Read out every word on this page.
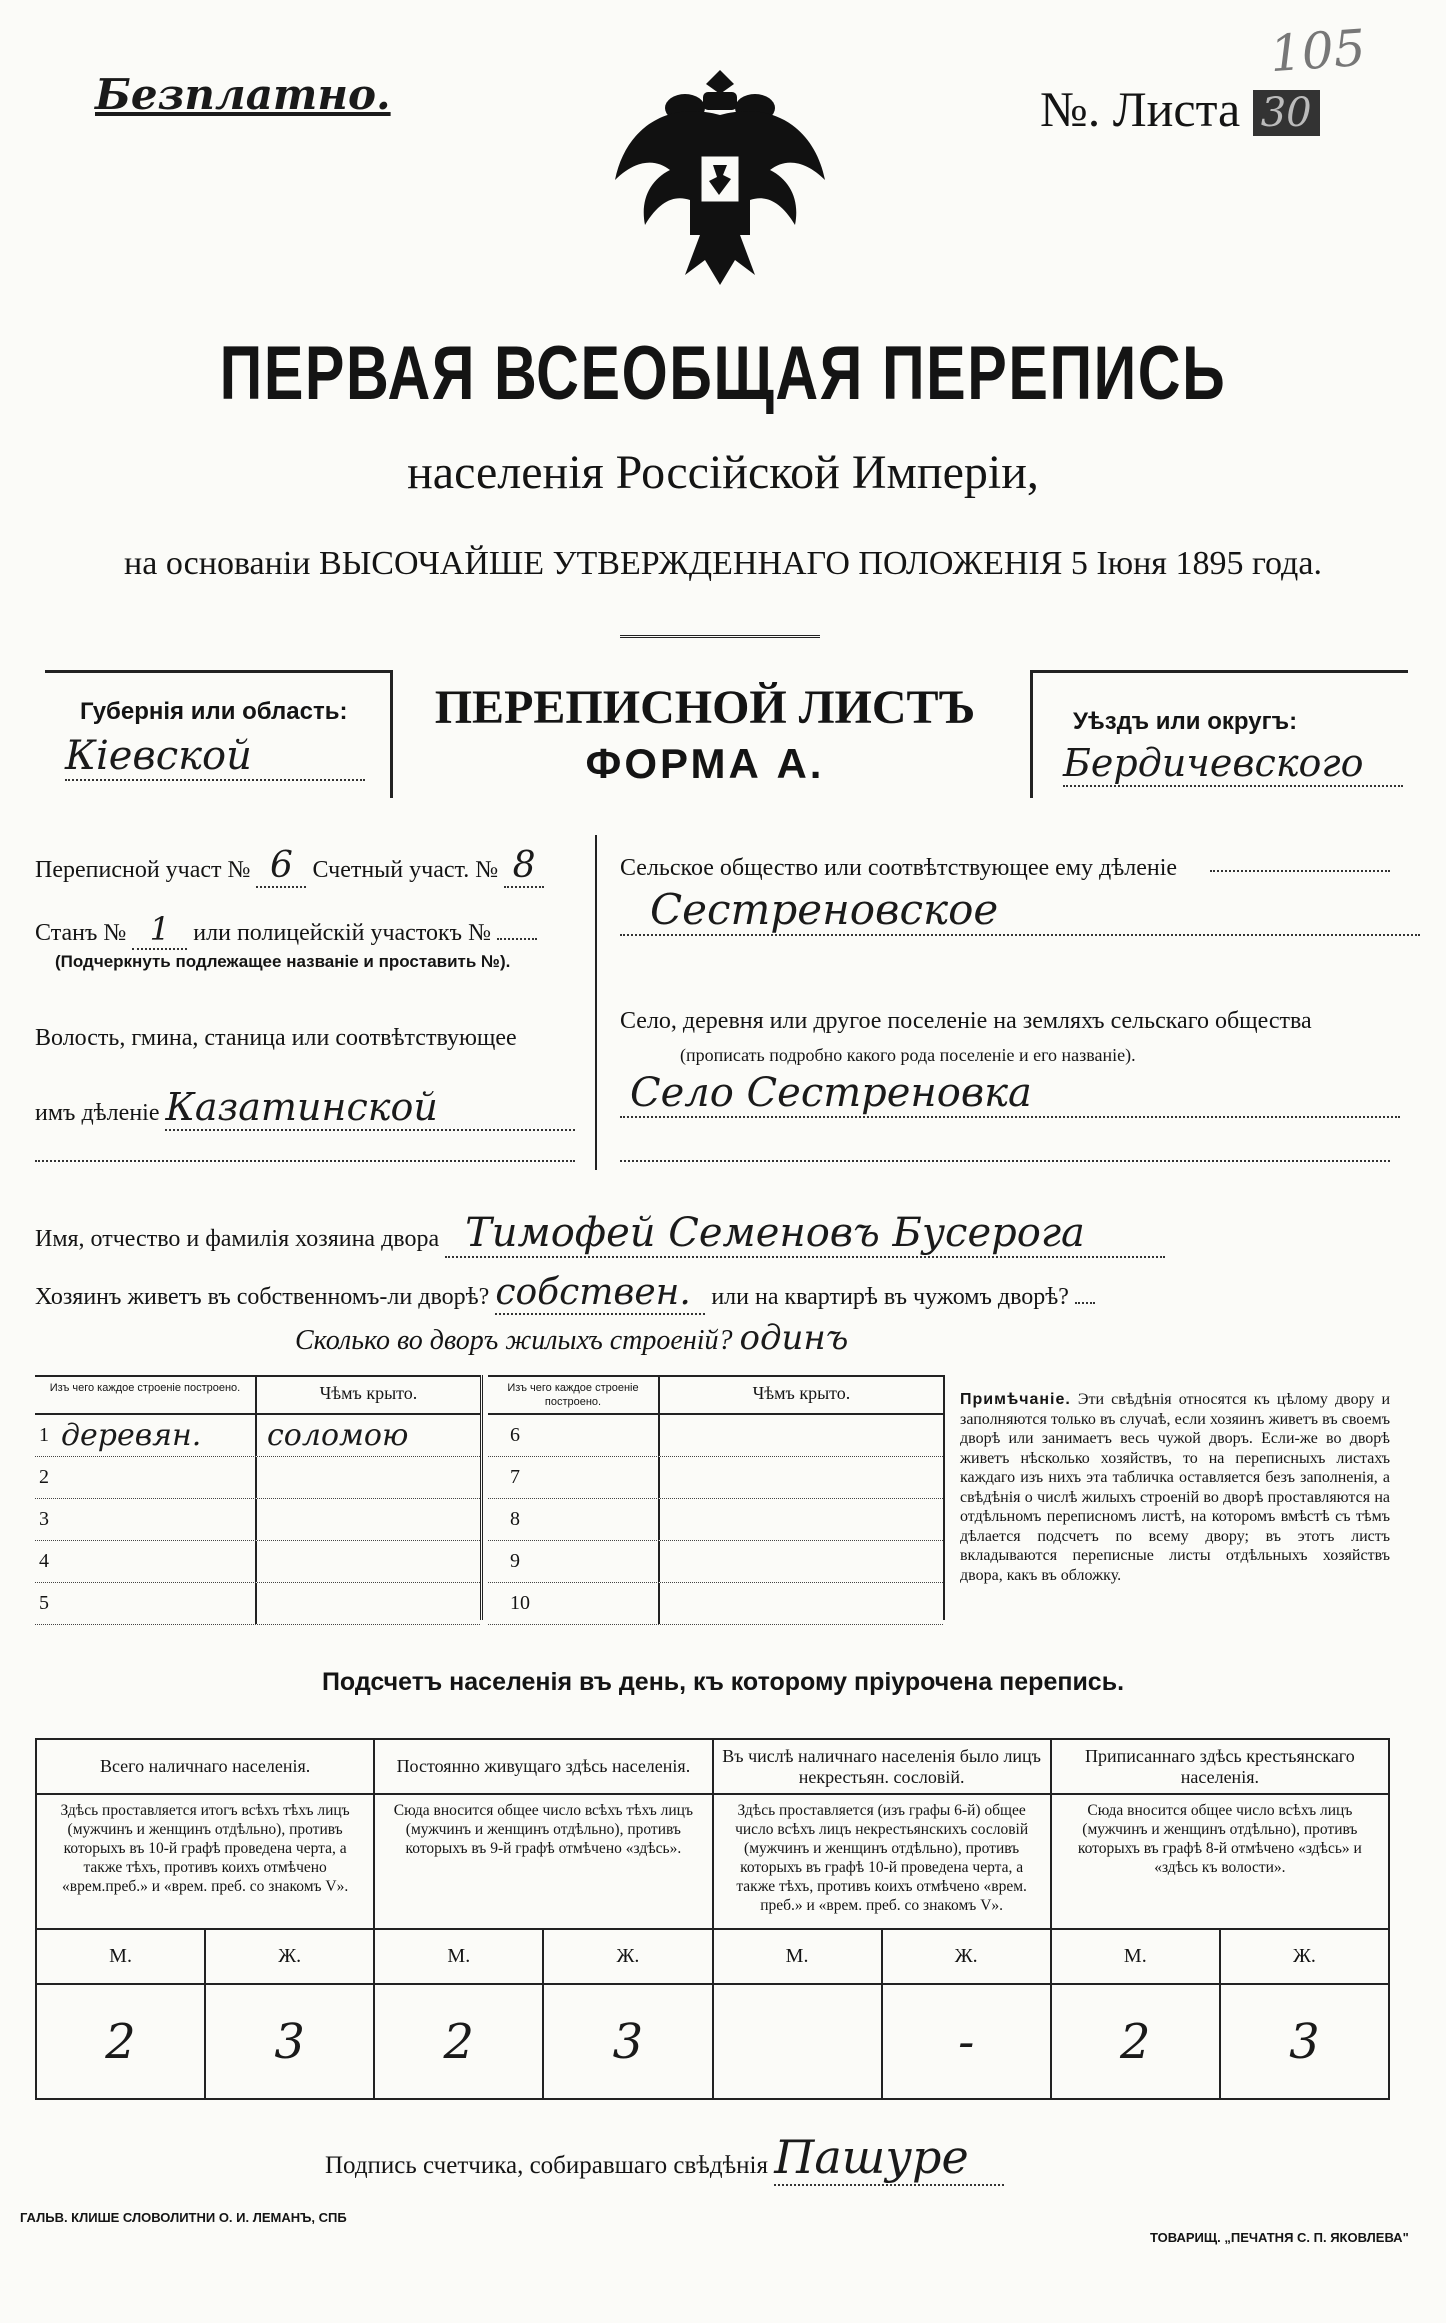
Безплатно.
105
№. Листа 30
ПЕРВАЯ ВСЕОБЩАЯ ПЕРЕПИСЬ
населенія Россійской Имперіи,
на основаніи ВЫСОЧАЙШЕ УТВЕРЖДЕННАГО ПОЛОЖЕНІЯ 5 Іюня 1895 года.
Губернія или область:
Кіевской
ПЕРЕПИСНОЙ ЛИСТЪ
ФОРМА А.
Уѣздъ или округъ:
Бердичевского
Переписной участ № 6 Счетный участ. № 8
Станъ № 1 или полицейскій участокъ №
(Подчеркнуть подлежащее названіе и проставить №).
Волость, гмина, станица или соотвѣтствующее
имъ дѣленіе Казатинской
Сельское общество или соотвѣтствующее ему дѣленіе
Сестреновское
Село, деревня или другое поселеніе на земляхъ сельскаго общества
(прописать подробно какого рода поселеніе и его названіе).
Село Сестреновка
Имя, отчество и фамилія хозяина двора Тимофей Семеновъ Бусерога
Хозяинъ живетъ въ собственномъ-ли дворѣ? собствен. или на квартирѣ въ чужомъ дворѣ?
Сколько во дворъ жилыхъ строеній? одинъ
Изъ чего каждое строеніе построено.	Чѣмъ крыто.
1 деревян.	соломою
2
3
4
5
Изъ чего каждое строеніе построено.	Чѣмъ крыто.
6
7
8
9
10
Примѣчаніе. Эти свѣдѣнія относятся къ цѣлому двору и заполняются только въ случаѣ, если хозяинъ живетъ въ своемъ дворѣ или занимаетъ весь чужой дворъ. Если-же во дворѣ живетъ нѣсколько хозяйствъ, то на переписныхъ листахъ каждаго изъ нихъ эта табличка оставляется безъ заполненія, а свѣдѣнія о числѣ жилыхъ строеній во дворѣ проставляются на отдѣльномъ переписномъ листѣ, на которомъ вмѣстѣ съ тѣмъ дѣлается подсчетъ по всему двору; въ этотъ листъ вкладываются переписные листы отдѣльныхъ хозяйствъ двора, какъ въ обложку.
Подсчетъ населенія въ день, къ которому пріурочена перепись.
Всего наличнаго населенія.		Постоянно живущаго здѣсь населенія.		Въ числѣ наличнаго населенія было лицъ некрестьян. сословій.		Приписаннаго здѣсь крестьянскаго населенія.	
Здѣсь проставляется итогъ всѣхъ тѣхъ лицъ (мужчинъ и женщинъ отдѣльно), противъ которыхъ въ 10-й графѣ проведена черта, а также тѣхъ, противъ коихъ отмѣчено «врем.преб.» и «врем. преб. со знакомъ V».		Сюда вносится общее число всѣхъ тѣхъ лицъ (мужчинъ и женщинъ отдѣльно), противъ которыхъ въ 9-й графѣ отмѣчено «здѣсь».		Здѣсь проставляется (изъ графы 6-й) общее число всѣхъ лицъ некрестьянскихъ сословій (мужчинъ и женщинъ отдѣльно), противъ которыхъ въ графѣ 10-й проведена черта, а также тѣхъ, противъ коихъ отмѣчено «врем. преб.» и «врем. преб. со знакомъ V».		Сюда вносится общее число всѣхъ лицъ (мужчинъ и женщинъ отдѣльно), противъ которыхъ въ графѣ 8-й отмѣчено «здѣсь» и «здѣсь къ волости».	
М.	Ж.	М.	Ж.	М.	Ж.	М.	Ж.
2	3	2	3		-	2	3
Подпись счетчика, собиравшаго свѣдѣнія Пашуре
ГАЛЬВ. КЛИШЕ СЛОВОЛИТНИ О. И. ЛЕМАНЪ, СПБ
ТОВАРИЩ. „ПЕЧАТНЯ С. П. ЯКОВЛЕВА"
